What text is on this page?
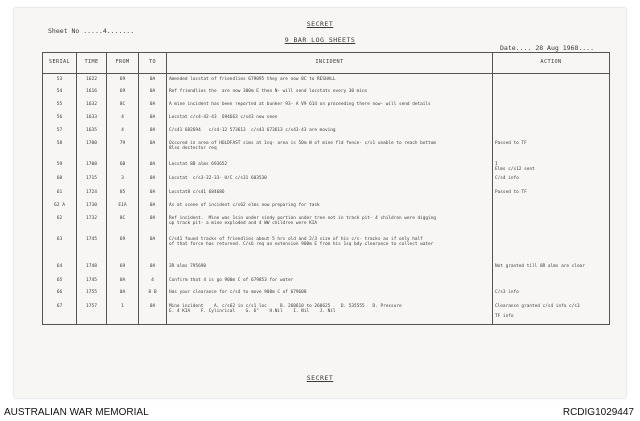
SECRET
9 BAR LOG SHEETS
Sheet No .....4.......
Date.... 28 Aug 1968....
SERIAL	TIME	FROM	TO	INCIDENT	ACTION
53	1622	69	0A	Amended locstat of friendlies 679095 they are now 8C to RESHALL	
54	1616	69	0A	Ref friendlies the  are now 300m E then N- will send locstats every 30 mins	
55	1632	8C	0A	A mine incident has been reported at bunker 93- A V9 614 on proceeding there now- will send details	
56	1633	4	0A	Locstat c/s4-42-43  694663 c/s43 now seen	
57	1635	4	0A	C/s41 682694   c/s4-12 573613  c/s43 673613 c/s43-43 are moving	
58	1700	79	0A	Occured in area of HOLDFAST sims at 1sq- area is 50m W of mine fld fence- c/s1 unable to reach bottom
8lso dectector req	Passed to TF
59	1708	6B	0A	Locstat 8B alms 693652	I
Elms c/s12 sent
60	1715	3	0A	Locstat  c/s3-32-33- H/C c/s31 603530	C/s4 info
61	1724	85	0A	Locstat8 c/s41 684686	Passed to TF
62 A	1730	E1A	0A	As at scene of incident c/s62 elms now preparing for task	
62	1732	8C	0A	Ref incident.  Mine was 1sin under sindy portion under tree not in track pit- 4 children were digging
up track pit- a mine exploded and 4 WW children were KIA	
63	1745	69	0A	C/s41 found tracks of friendlies about 5 hrs old and 2/3 size of his c/s- tracks as if only half
of that force has returned. C/s6 req an extension 900m E from his 1sq bdy clearance to collect water	
64	1748	69	0A	3R alms 795690	Not granted till 8R alms are clear
65	1745	0A	4	Confirm that 4 is go 900m C of 679853 for water	
66	1755	0A	8 B	Has your clearance for c/s4 to move 900m C of 679608	C/s3 info
67	1757	1	0A	Mine incident    A. c/s62 in c/s1 loc     B. 260610 to 260625    D. 535555   D. Pressure
E. 4 KIA    F. Cylinrical    G. 6"    H.Nil    I. Nil    J. Nil	Clearance granted c/s4 info c/s3

TF info
SECRET
AUSTRALIAN WAR MEMORIAL	RCDIG1029447
